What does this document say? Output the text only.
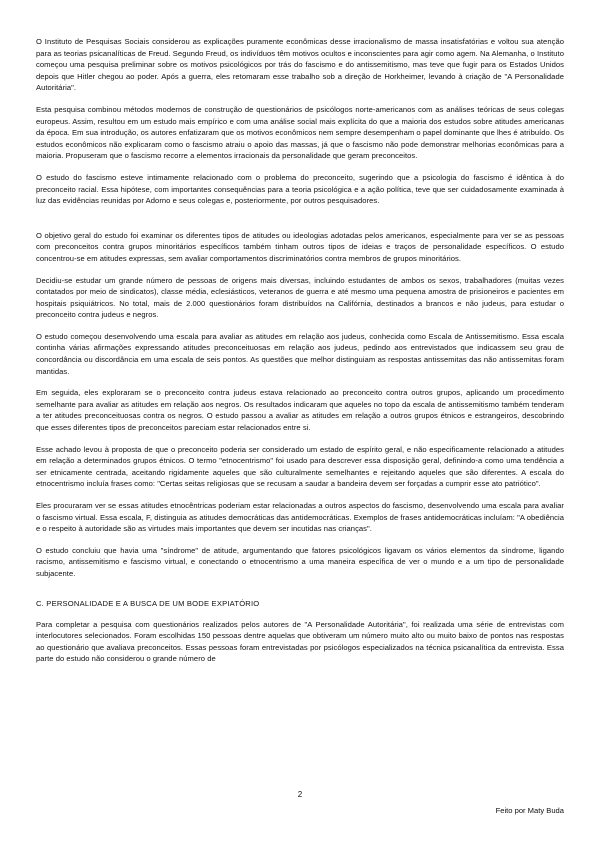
O Instituto de Pesquisas Sociais considerou as explicações puramente econômicas desse irracionalismo de massa insatisfatórias e voltou sua atenção para as teorias psicanalíticas de Freud. Segundo Freud, os indivíduos têm motivos ocultos e inconscientes para agir como agem. Na Alemanha, o Instituto começou uma pesquisa preliminar sobre os motivos psicológicos por trás do fascismo e do antissemitismo, mas teve que fugir para os Estados Unidos depois que Hitler chegou ao poder. Após a guerra, eles retomaram esse trabalho sob a direção de Horkheimer, levando à criação de "A Personalidade Autoritária".

Esta pesquisa combinou métodos modernos de construção de questionários de psicólogos norte-americanos com as análises teóricas de seus colegas europeus. Assim, resultou em um estudo mais empírico e com uma análise social mais explícita do que a maioria dos estudos sobre atitudes americanas da época. Em sua introdução, os autores enfatizaram que os motivos econômicos nem sempre desempenham o papel dominante que lhes é atribuído. Os estudos econômicos não explicaram como o fascismo atraiu o apoio das massas, já que o fascismo não pode demonstrar melhorias econômicas para a maioria. Propuseram que o fascismo recorre a elementos irracionais da personalidade que geram preconceitos.

O estudo do fascismo esteve intimamente relacionado com o problema do preconceito, sugerindo que a psicologia do fascismo é idêntica à do preconceito racial. Essa hipótese, com importantes consequências para a teoria psicológica e a ação política, teve que ser cuidadosamente examinada à luz das evidências reunidas por Adorno e seus colegas e, posteriormente, por outros pesquisadores.

O objetivo geral do estudo foi examinar os diferentes tipos de atitudes ou ideologias adotadas pelos americanos, especialmente para ver se as pessoas com preconceitos contra grupos minoritários específicos também tinham outros tipos de ideias e traços de personalidade específicos. O estudo concentrou-se em atitudes expressas, sem avaliar comportamentos discriminatórios contra membros de grupos minoritários.

Decidiu-se estudar um grande número de pessoas de origens mais diversas, incluindo estudantes de ambos os sexos, trabalhadores (muitas vezes contatados por meio de sindicatos), classe média, eclesiásticos, veteranos de guerra e até mesmo uma pequena amostra de prisioneiros e pacientes em hospitais psiquiátricos. No total, mais de 2.000 questionários foram distribuídos na Califórnia, destinados a brancos e não judeus, para estudar o preconceito contra judeus e negros.

O estudo começou desenvolvendo uma escala para avaliar as atitudes em relação aos judeus, conhecida como Escala de Antissemitismo. Essa escala continha várias afirmações expressando atitudes preconceituosas em relação aos judeus, pedindo aos entrevistados que indicassem seu grau de concordância ou discordância em uma escala de seis pontos. As questões que melhor distinguiam as respostas antissemitas das não antissemitas foram mantidas.

Em seguida, eles exploraram se o preconceito contra judeus estava relacionado ao preconceito contra outros grupos, aplicando um procedimento semelhante para avaliar as atitudes em relação aos negros. Os resultados indicaram que aqueles no topo da escala de antissemitismo também tenderam a ter atitudes preconceituosas contra os negros. O estudo passou a avaliar as atitudes em relação a outros grupos étnicos e estrangeiros, descobrindo que esses diferentes tipos de preconceitos pareciam estar relacionados entre si.

Esse achado levou à proposta de que o preconceito poderia ser considerado um estado de espírito geral, e não especificamente relacionado a atitudes em relação a determinados grupos étnicos. O termo "etnocentrismo" foi usado para descrever essa disposição geral, definindo-a como uma tendência a ser etnicamente centrada, aceitando rigidamente aqueles que são culturalmente semelhantes e rejeitando aqueles que são diferentes. A escala do etnocentrismo incluía frases como: "Certas seitas religiosas que se recusam a saudar a bandeira devem ser forçadas a cumprir esse ato patriótico".

Eles procuraram ver se essas atitudes etnocêntricas poderiam estar relacionadas a outros aspectos do fascismo, desenvolvendo uma escala para avaliar o fascismo virtual. Essa escala, F, distinguia as atitudes democráticas das antidemocráticas. Exemplos de frases antidemocráticas incluíam: "A obediência e o respeito à autoridade são as virtudes mais importantes que devem ser incutidas nas crianças".

O estudo concluiu que havia uma "síndrome" de atitude, argumentando que fatores psicológicos ligavam os vários elementos da síndrome, ligando racismo, antissemitismo e fascismo virtual, e conectando o etnocentrismo a uma maneira específica de ver o mundo e a um tipo de personalidade subjacente.

C. PERSONALIDADE E A BUSCA DE UM BODE EXPIATÓRIO

Para completar a pesquisa com questionários realizados pelos autores de "A Personalidade Autoritária", foi realizada uma série de entrevistas com interlocutores selecionados. Foram escolhidas 150 pessoas dentre aquelas que obtiveram um número muito alto ou muito baixo de pontos nas respostas ao questionário que avaliava preconceitos. Essas pessoas foram entrevistadas por psicólogos especializados na técnica psicanalítica da entrevista. Essa parte do estudo não considerou o grande número de

2
Feito por Maty Buda
